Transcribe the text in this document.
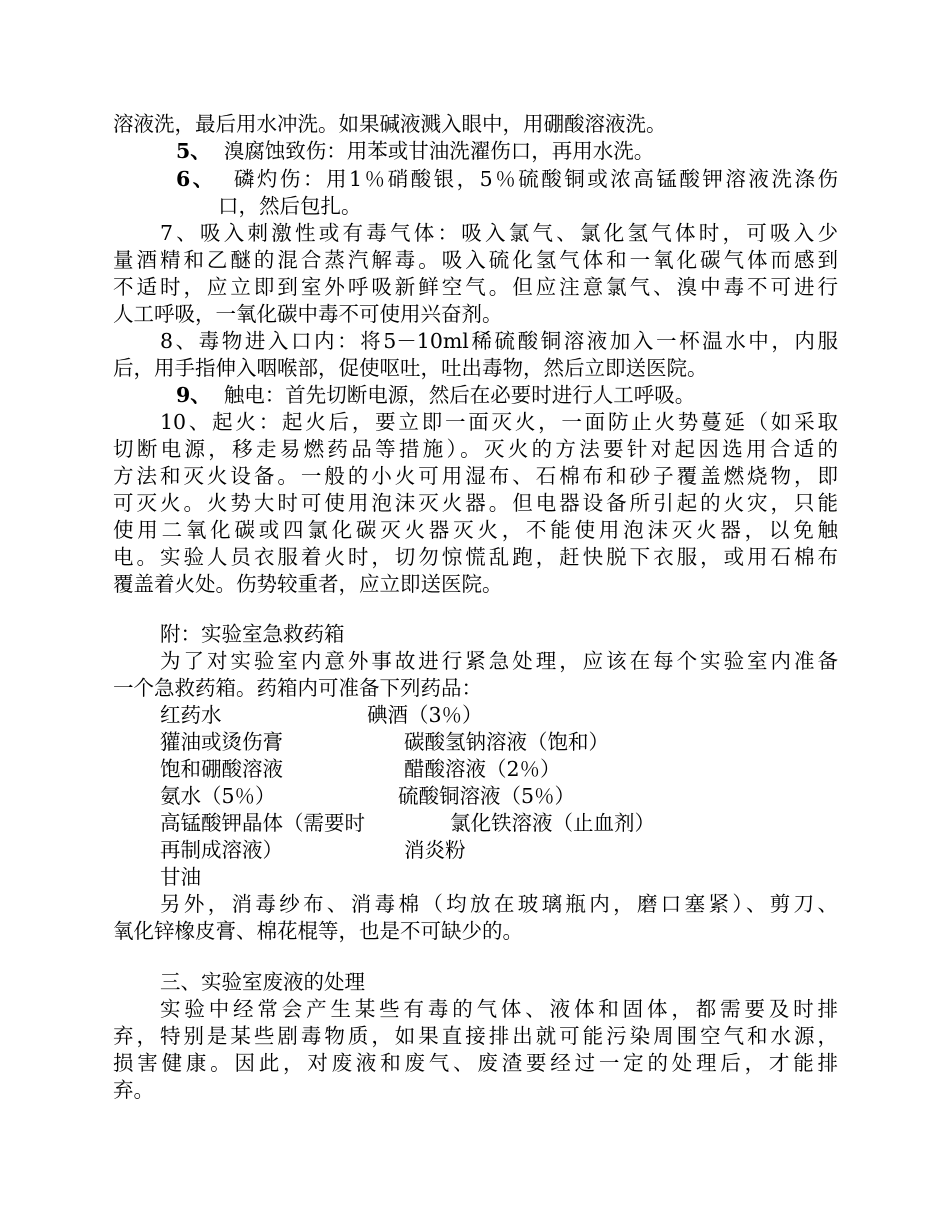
溶液洗，最后用水冲洗。如果碱液溅入眼中，用硼酸溶液洗。
5、 溴腐蚀致伤：用苯或甘油洗濯伤口，再用水洗。
6、 磷灼伤：用1％硝酸银，5％硫酸铜或浓高锰酸钾溶液洗涤伤
口，然后包扎。
7、吸入刺激性或有毒气体：吸入氯气、氯化氢气体时，可吸入少
量酒精和乙醚的混合蒸汽解毒。吸入硫化氢气体和一氧化碳气体而感到
不适时，应立即到室外呼吸新鲜空气。但应注意氯气、溴中毒不可进行
人工呼吸，一氧化碳中毒不可使用兴奋剂。
8、毒物进入口内：将5－10ml稀硫酸铜溶液加入一杯温水中，内服
后，用手指伸入咽喉部，促使呕吐，吐出毒物，然后立即送医院。
9、 触电：首先切断电源，然后在必要时进行人工呼吸。
10、起火：起火后，要立即一面灭火，一面防止火势蔓延（如采取
切断电源，移走易燃药品等措施）。灭火的方法要针对起因选用合适的
方法和灭火设备。一般的小火可用湿布、石棉布和砂子覆盖燃烧物，即
可灭火。火势大时可使用泡沫灭火器。但电器设备所引起的火灾，只能
使用二氧化碳或四氯化碳灭火器灭火，不能使用泡沫灭火器，以免触
电。实验人员衣服着火时，切勿惊慌乱跑，赶快脱下衣服，或用石棉布
覆盖着火处。伤势较重者，应立即送医院。
附：实验室急救药箱
为了对实验室内意外事故进行紧急处理，应该在每个实验室内准备
一个急救药箱。药箱内可准备下列药品：
红药水	碘酒（3％）
獾油或烫伤膏	碳酸氢钠溶液（饱和）
饱和硼酸溶液	醋酸溶液（2％）
氨水（5％）	硫酸铜溶液（5％）
高锰酸钾晶体（需要时	氯化铁溶液（止血剂）
再制成溶液）	消炎粉
甘油
另外，消毒纱布、消毒棉（均放在玻璃瓶内，磨口塞紧）、剪刀、
氧化锌橡皮膏、棉花棍等，也是不可缺少的。
三、实验室废液的处理
实验中经常会产生某些有毒的气体、液体和固体，都需要及时排
弃，特别是某些剧毒物质，如果直接排出就可能污染周围空气和水源，
损害健康。因此，对废液和废气、废渣要经过一定的处理后，才能排
弃。
